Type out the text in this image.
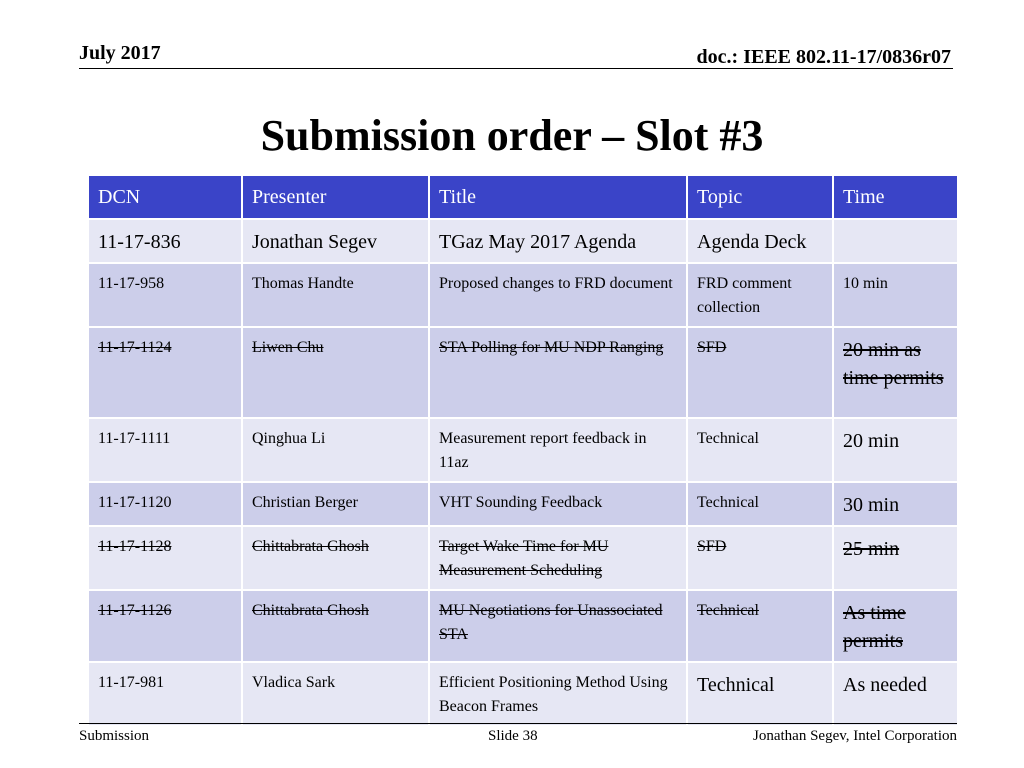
July 2017	doc.: IEEE 802.11-17/0836r07
Submission order – Slot #3
DCN	Presenter	Title	Topic	Time
11-17-836	Jonathan Segev	TGaz May 2017 Agenda	Agenda Deck	
11-17-958	Thomas Handte	Proposed changes to FRD document	FRD comment collection	10 min
11-17-1124	Liwen Chu	STA Polling for MU NDP Ranging	SFD	20 min as time permits
11-17-1111	Qinghua Li	Measurement report feedback in 11az	Technical	20 min
11-17-1120	Christian Berger	VHT Sounding Feedback	Technical	30 min
11-17-1128	Chittabrata Ghosh	Target Wake Time for MU Measurement Scheduling	SFD	25 min
11-17-1126	Chittabrata Ghosh	MU Negotiations for Unassociated STA	Technical	As time permits
11-17-981	Vladica Sark	Efficient Positioning Method Using Beacon Frames	Technical	As needed
Submission	Slide 38	Jonathan Segev, Intel Corporation
